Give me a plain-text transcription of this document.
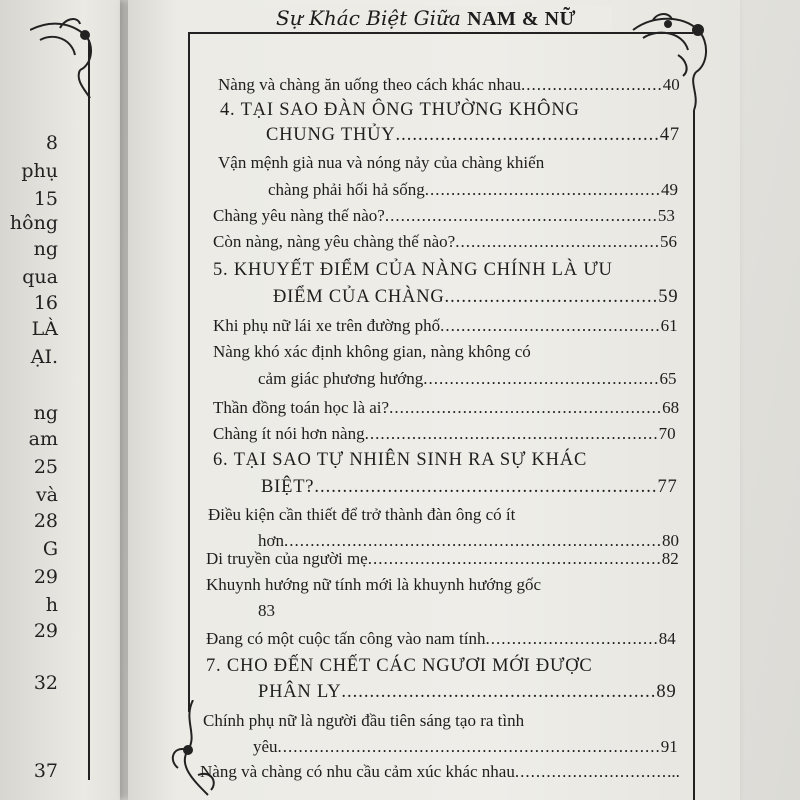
8
phụ
15
hông
ng
qua
16
LÀ
ẠI.
ng
am
25
và
28
G
29
h
29
32
37
Sự Khác Biệt Giữa NAM & NỮ
Nàng và chàng ăn uống theo cách khác nhau...........................40
4. TẠI SAO ĐÀN ÔNG THƯỜNG KHÔNG
CHUNG THỦY...............................................47
Vận mệnh già nua và nóng nảy của chàng khiến
chàng phải hối hả sống.............................................49
Chàng yêu nàng thế nào?....................................................53
Còn nàng, nàng yêu chàng thế nào?.......................................56
5. KHUYẾT ĐIỂM CỦA NÀNG CHÍNH LÀ ƯU
ĐIỂM CỦA CHÀNG......................................59
Khi phụ nữ lái xe trên đường phố..........................................61
Nàng khó xác định không gian, nàng không có
cảm giác phương hướng.............................................65
Thần đồng toán học là ai?....................................................68
Chàng ít nói hơn nàng........................................................70
6. TẠI SAO TỰ NHIÊN SINH RA SỰ KHÁC
BIỆT?.............................................................77
Điều kiện cần thiết để trở thành đàn ông có ít
hơn........................................................................80
Di truyền của người mẹ........................................................82
Khuynh hướng nữ tính mới là khuynh hướng gốc
83
Đang có một cuộc tấn công vào nam tính.................................84
7. CHO ĐẾN CHẾT CÁC NGƯƠI MỚI ĐƯỢC
PHÂN LY........................................................89
Chính phụ nữ là người đầu tiên sáng tạo ra tình
yêu.........................................................................91
Nàng và chàng có nhu cầu cảm xúc khác nhau................................
